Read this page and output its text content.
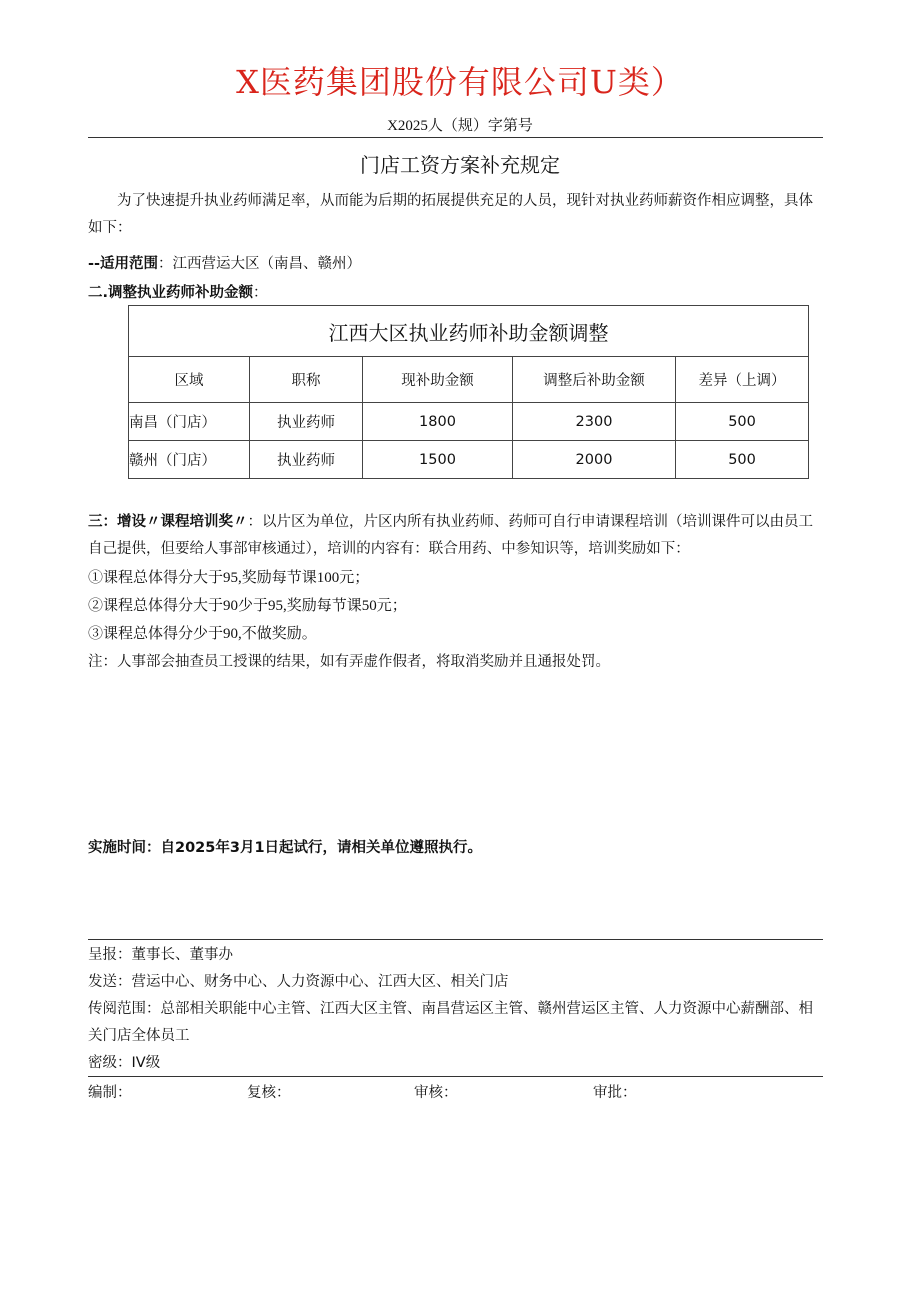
X医药集团股份有限公司U类）
X2025人（规）字第号
门店工资方案补充规定
为了快速提升执业药师满足率，从而能为后期的拓展提供充足的人员，现针对执业药师薪资作相应调整，具体如下：
--适用范围：江西营运大区（南昌、赣州）
二.调整执业药师补助金额：
江西大区执业药师补助金额调整				
区域	职称	现补助金额	调整后补助金额	差异（上调）
南昌（门店）	执业药师	1800	2300	500
赣州（门店）	执业药师	1500	2000	500
三：增设〃课程培训奖〃：以片区为单位，片区内所有执业药师、药师可自行申请课程培训（培训课件可以由员工自己提供，但要给人事部审核通过），培训的内容有：联合用药、中参知识等，培训奖励如下：
①课程总体得分大于95,奖励每节课100元；
②课程总体得分大于90少于95,奖励每节课50元；
③课程总体得分少于90,不做奖励。
注：人事部会抽查员工授课的结果，如有弄虚作假者，将取消奖励并且通报处罚。
实施时间：自2025年3月1日起试行，请相关单位遵照执行。
呈报：董事长、董事办
发送：营运中心、财务中心、人力资源中心、江西大区、相关门店
传阅范围：总部相关职能中心主管、江西大区主管、南昌营运区主管、赣州营运区主管、人力资源中心薪酬部、相关门店全体员工
密级：IV级
编制：	复核：	审核：	审批：
